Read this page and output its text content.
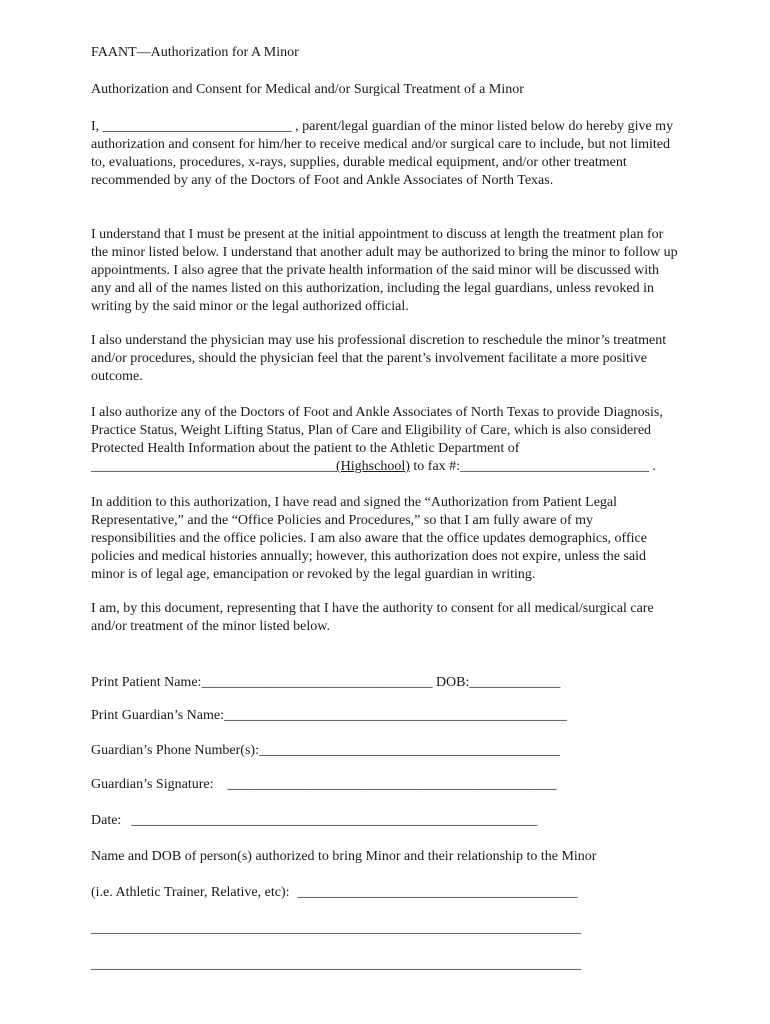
FAANT—Authorization for A Minor
Authorization and Consent for Medical and/or Surgical Treatment of a Minor

I, ___________________________ , parent/legal guardian of the minor listed below do hereby give my authorization and consent for him/her to receive medical and/or surgical care to include, but not limited to, evaluations, procedures, x-rays, supplies, durable medical equipment, and/or other treatment recommended by any of the Doctors of Foot and Ankle Associates of North Texas.

I understand that I must be present at the initial appointment to discuss at length the treatment plan for the minor listed below. I understand that another adult may be authorized to bring the minor to follow up appointments. I also agree that the private health information of the said minor will be discussed with any and all of the names listed on this authorization, including the legal guardians, unless revoked in writing by the said minor or the legal authorized official.

I also understand the physician may use his professional discretion to reschedule the minor’s treatment and/or procedures, should the physician feel that the parent’s involvement facilitate a more positive outcome.

I also authorize any of the Doctors of Foot and Ankle Associates of North Texas to provide Diagnosis, Practice Status, Weight Lifting Status, Plan of Care and Eligibility of Care, which is also considered Protected Health Information about the patient to the Athletic Department of

___________________________________(Highschool) to fax #:___________________________ .

In addition to this authorization, I have read and signed the “Authorization from Patient Legal Representative,” and the “Office Policies and Procedures,” so that I am fully aware of my responsibilities and the office policies. I am also aware that the office updates demographics, office policies and medical histories annually; however, this authorization does not expire, unless the said minor is of legal age, emancipation or revoked by the legal guardian in writing.

I am, by this document, representing that I have the authority to consent for all medical/surgical care and/or treatment of the minor listed below.

Print Patient Name:_________________________________ DOB:_____________
Print Guardian’s Name:_________________________________________________
Guardian’s Phone Number(s):___________________________________________
Guardian’s Signature: _______________________________________________
Date: __________________________________________________________
Name and DOB of person(s) authorized to bring Minor and their relationship to the Minor
(i.e. Athletic Trainer, Relative, etc): ________________________________________
______________________________________________________________________
______________________________________________________________________
